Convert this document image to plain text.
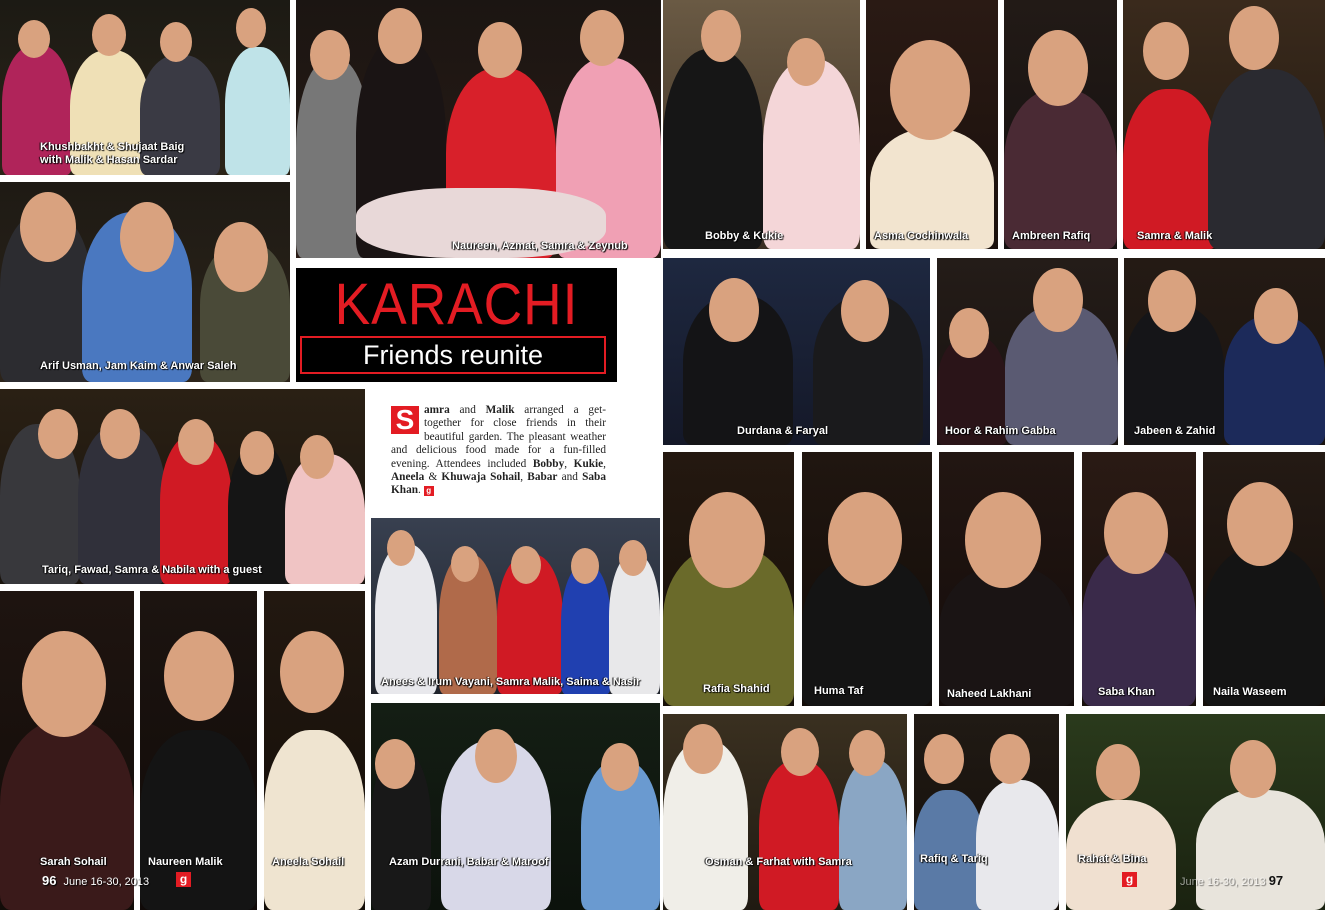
Khushbakht & Shujaat Baig
with Malik & Hasan Sardar
Naureen, Azmat, Samra & Zeynub
Bobby & Kukie	Asma Cochinwala	Ambreen Rafiq	Samra & Malik
Arif Usman, Jam Kaim & Anwar Saleh
KARACHI
Friends reunite
Durdana & Faryal	Hoor & Rahim Gabba	Jabeen & Zahid
S amra and Malik arranged a get-together for close friends in their beautiful garden. The pleasant weather and delicious food made for a fun-filled evening. Attendees included Bobby, Kukie, Aneela & Khuwaja Sohail, Babar and Saba Khan. g
Tariq, Fawad, Samra & Nabila with a guest
Anees & Irum Vayani, Samra Malik, Saima & Nasir
Rafia Shahid	Huma Taf	Naheed Lakhani	Saba Khan	Naila Waseem
Sarah Sohail	Naureen Malik	Aneela Sohail	Azam Durrani, Babar & Maroof	Osman & Farhat with Samra	Rafiq & Tariq	Rahat & Bina
96 June 16-30, 2013	g	g	June 16-30, 2013 97
